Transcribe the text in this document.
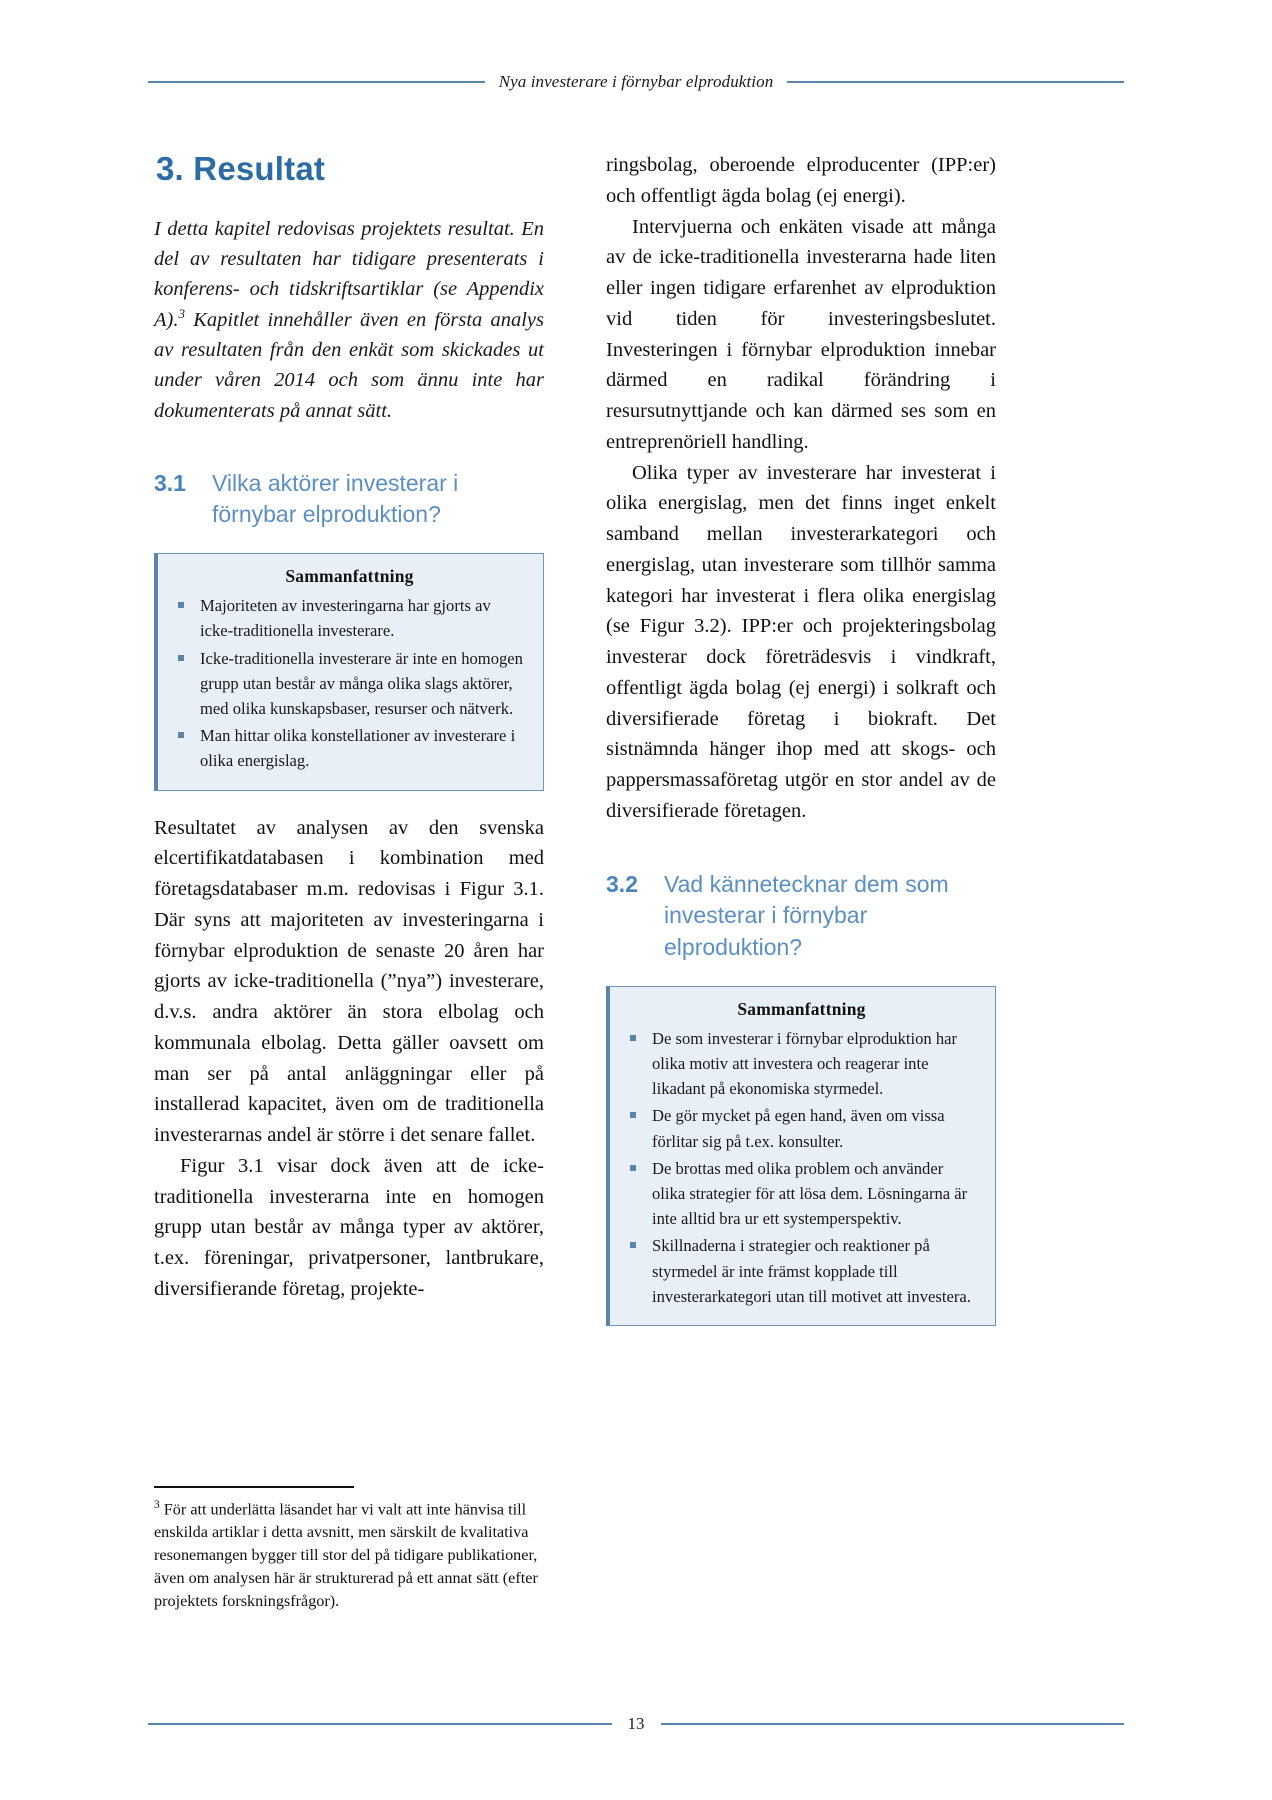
Nya investerare i förnybar elproduktion
3. Resultat

I detta kapitel redovisas projektets resultat. En del av resultaten har tidigare presenterats i konferens- och tidskriftsartiklar (se Appendix A).$^3$ Kapitlet innehåller även en första analys av resultaten från den enkät som skickades ut under våren 2014 och som ännu inte har dokumenterats på annat sätt.

3.1	Vilka aktörer investerar i förnybar elproduktion?
Sammanfattning
Majoriteten av investeringarna har gjorts av icke-traditionella investerare.
Icke-traditionella investerare är inte en homogen grupp utan består av många olika slags aktörer, med olika kunskapsbaser, resurser och nätverk.
Man hittar olika konstellationer av investerare i olika energislag.

Resultatet av analysen av den svenska elcertifikatdatabasen i kombination med företagsdatabaser m.m. redovisas i Figur 3.1. Där syns att majoriteten av investeringarna i förnybar elproduktion de senaste 20 åren har gjorts av icke-traditionella (”nya”) investerare, d.v.s. andra aktörer än stora elbolag och kommunala elbolag. Detta gäller oavsett om man ser på antal anläggningar eller på installerad kapacitet, även om de traditionella investerarnas andel är större i det senare fallet.

Figur 3.1 visar dock även att de icke-traditionella investerarna inte en homogen grupp utan består av många typer av aktörer, t.ex. föreningar, privatpersoner, lantbrukare, diversifierande företag, projekte-

ringsbolag, oberoende elproducenter (IPP:er) och offentligt ägda bolag (ej energi).

Intervjuerna och enkäten visade att många av de icke-traditionella investerarna hade liten eller ingen tidigare erfarenhet av elproduktion vid tiden för investeringsbeslutet. Investeringen i förnybar elproduktion innebar därmed en radikal förändring i resursutnyttjande och kan därmed ses som en entreprenöriell handling.

Olika typer av investerare har investerat i olika energislag, men det finns inget enkelt samband mellan investerarkategori och energislag, utan investerare som tillhör samma kategori har investerat i flera olika energislag (se Figur 3.2). IPP:er och projekteringsbolag investerar dock företrädesvis i vindkraft, offentligt ägda bolag (ej energi) i solkraft och diversifierade företag i biokraft. Det sistnämnda hänger ihop med att skogs- och pappersmassaföretag utgör en stor andel av de diversifierade företagen.

3.2	Vad kännetecknar dem som investerar i förnybar elproduktion?
Sammanfattning
De som investerar i förnybar elproduktion har olika motiv att investera och reagerar inte likadant på ekonomiska styrmedel.
De gör mycket på egen hand, även om vissa förlitar sig på t.ex. konsulter.
De brottas med olika problem och använder olika strategier för att lösa dem. Lösningarna är inte alltid bra ur ett systemperspektiv.
Skillnaderna i strategier och reaktioner på styrmedel är inte främst kopplade till investerarkategori utan till motivet att investera.

$^3$ För att underlätta läsandet har vi valt att inte hänvisa till enskilda artiklar i detta avsnitt, men särskilt de kvalitativa resonemangen bygger till stor del på tidigare publikationer, även om analysen här är strukturerad på ett annat sätt (efter projektets forskningsfrågor).

13
